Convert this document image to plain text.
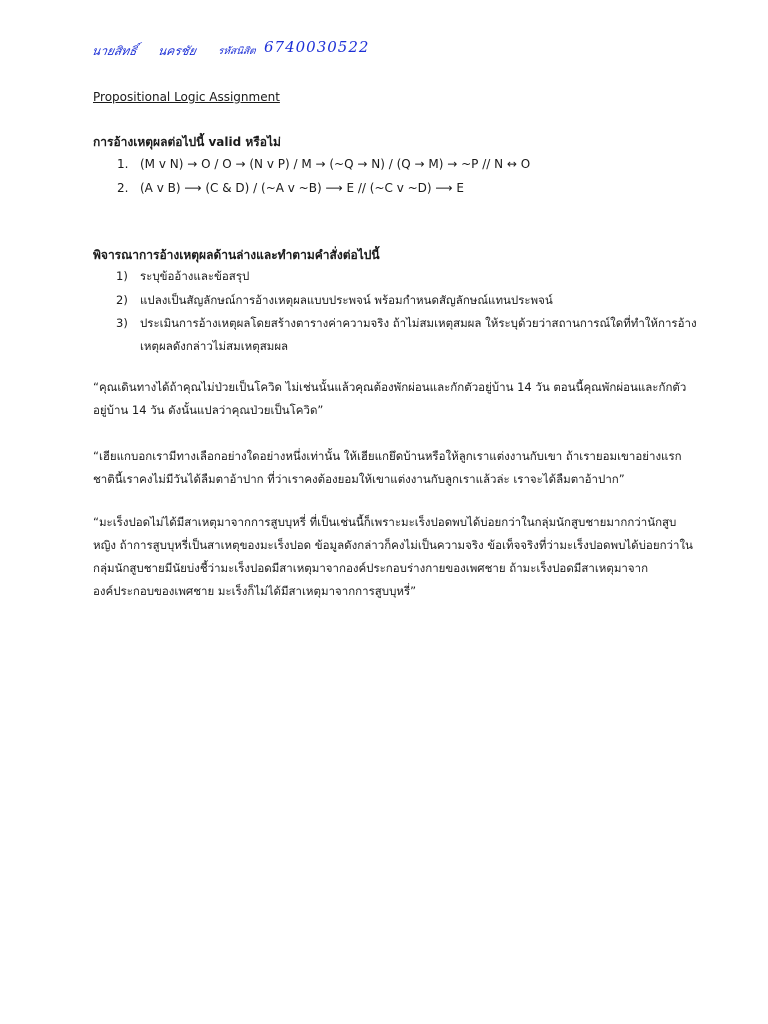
นายสิทธิ์ นครชัย รหัสนิสิต 6740030522
Propositional Logic Assignment
การอ้างเหตุผลต่อไปนี้ valid หรือไม่
1. (M v N) → O / O → (N v P) / M → (~Q → N) / (Q → M) → ~P // N ↔ O
2. (A v B) ⟶ (C & D) / (~A v ~B) ⟶ E // (~C v ~D) ⟶ E
พิจารณาการอ้างเหตุผลด้านล่างและทำตามคำสั่งต่อไปนี้
1) ระบุข้ออ้างและข้อสรุป
2) แปลงเป็นสัญลักษณ์การอ้างเหตุผลแบบประพจน์ พร้อมกำหนดสัญลักษณ์แทนประพจน์
3) ประเมินการอ้างเหตุผลโดยสร้างตารางค่าความจริง ถ้าไม่สมเหตุสมผล ให้ระบุด้วยว่าสถานการณ์ใดที่ทำให้การอ้าง
เหตุผลดังกล่าวไม่สมเหตุสมผล
“คุณเดินทางได้ถ้าคุณไม่ป่วยเป็นโควิด ไม่เช่นนั้นแล้วคุณต้องพักผ่อนและกักตัวอยู่บ้าน 14 วัน ตอนนี้คุณพักผ่อนและกักตัว
อยู่บ้าน 14 วัน ดังนั้นแปลว่าคุณป่วยเป็นโควิด”
“เฮียแกบอกเรามีทางเลือกอย่างใดอย่างหนึ่งเท่านั้น ให้เฮียแกยึดบ้านหรือให้ลูกเราแต่งงานกับเขา ถ้าเรายอมเขาอย่างแรก
ชาตินี้เราคงไม่มีวันได้ลืมตาอ้าปาก ที่ว่าเราคงต้องยอมให้เขาแต่งงานกับลูกเราแล้วล่ะ เราจะได้ลืมตาอ้าปาก”
“มะเร็งปอดไม่ได้มีสาเหตุมาจากการสูบบุหรี่ ที่เป็นเช่นนี้ก็เพราะมะเร็งปอดพบได้บ่อยกว่าในกลุ่มนักสูบชายมากกว่านักสูบ
หญิง ถ้าการสูบบุหรี่เป็นสาเหตุของมะเร็งปอด ข้อมูลดังกล่าวก็คงไม่เป็นความจริง ข้อเท็จจริงที่ว่ามะเร็งปอดพบได้บ่อยกว่าใน
กลุ่มนักสูบชายมีนัยบ่งชี้ว่ามะเร็งปอดมีสาเหตุมาจากองค์ประกอบร่างกายของเพศชาย ถ้ามะเร็งปอดมีสาเหตุมาจาก
องค์ประกอบของเพศชาย มะเร็งก็ไม่ได้มีสาเหตุมาจากการสูบบุหรี่”
